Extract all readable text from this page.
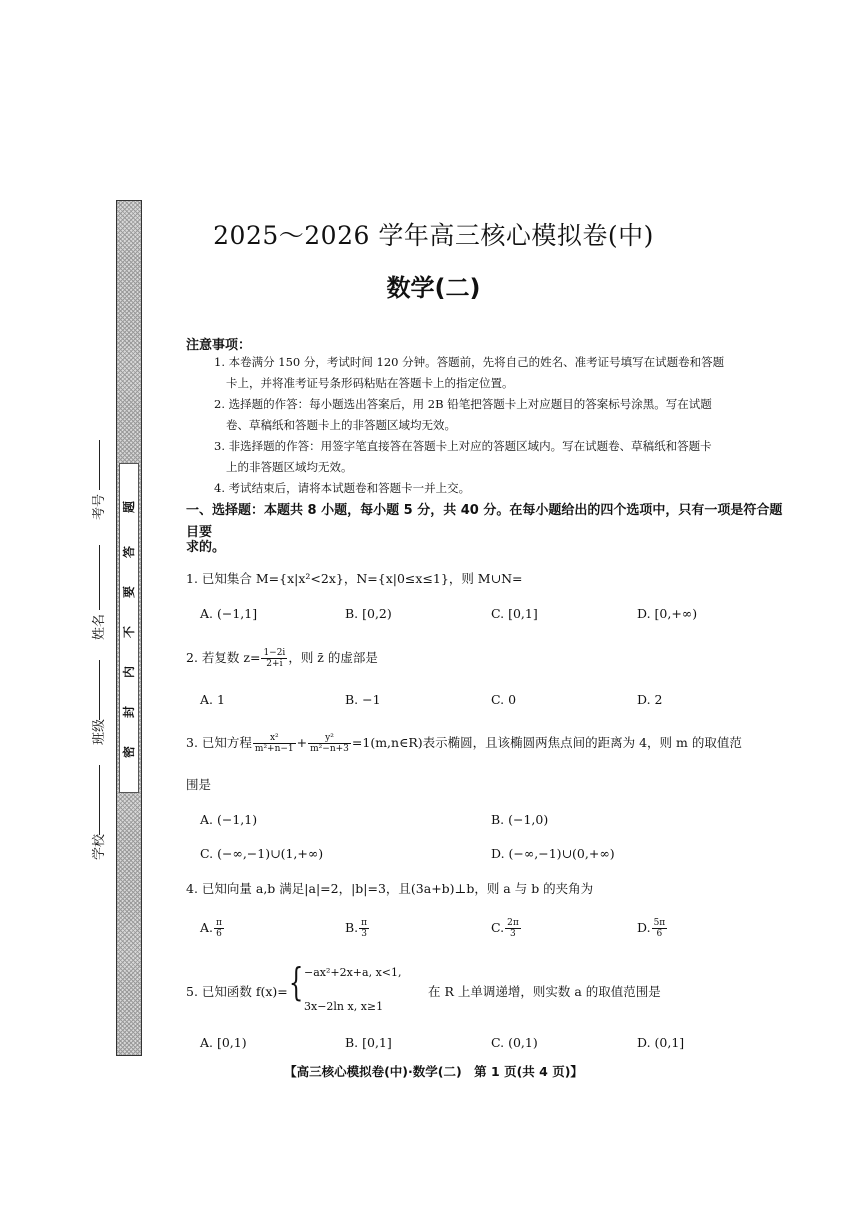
题
答
要
不
内
封
密
考号
姓名
班级
学校
2025～2026 学年高三核心模拟卷(中)
数学(二)
注意事项：
1. 本卷满分 150 分，考试时间 120 分钟。答题前，先将自己的姓名、准考证号填写在试题卷和答题
卡上，并将准考证号条形码粘贴在答题卡上的指定位置。
2. 选择题的作答：每小题选出答案后，用 2B 铅笔把答题卡上对应题目的答案标号涂黑。写在试题
卷、草稿纸和答题卡上的非答题区域均无效。
3. 非选择题的作答：用签字笔直接答在答题卡上对应的答题区域内。写在试题卷、草稿纸和答题卡
上的非答题区域均无效。
4. 考试结束后，请将本试题卷和答题卡一并上交。
一、选择题：本题共 8 小题，每小题 5 分，共 40 分。在每小题给出的四个选项中，只有一项是符合题目要
求的。
1. 已知集合 M={x|x²<2x}，N={x|0≤x≤1}，则 M∪N=
A. (−1,1]	B. [0,2)	C. [0,1]	D. [0,+∞)
2. 若复数 $z= \frac{1-2i}{2+i}$ ，则 z̄ 的虚部是
A. 1	B. −1	C. 0	D. 2
3. 已知方程 $\frac{\text{x²}}{\text{m²+n−1}} + \frac{\text{y²}}{\text{m²−n+3}}$ =1(m,n∈R)表示椭圆，且该椭圆两焦点间的距离为 4，则 m 的取值范
围是
A. (−1,1)	B. (−1,0)
C. (−∞,−1)∪(1,+∞)	D. (−∞,−1)∪(0,+∞)
4. 已知向量 a,b 满足|a|=2，|b|=3，且(3a+b)⊥b，则 a 与 b 的夹角为
A. $\frac{\pi}{6}$	B. $\frac{\pi}{3}$	C. $\frac{2\pi}{3}$	D. $\frac{5\pi}{6}$
5. 已知函数 f(x)= { −ax²+2x+a, x<1,
3x−2ln x, x≥1
在 R 上单调递增，则实数 a 的取值范围是
A. [0,1)	B. [0,1]	C. (0,1)	D. (0,1]
【高三核心模拟卷(中)·数学(二)　第 1 页(共 4 页)】
